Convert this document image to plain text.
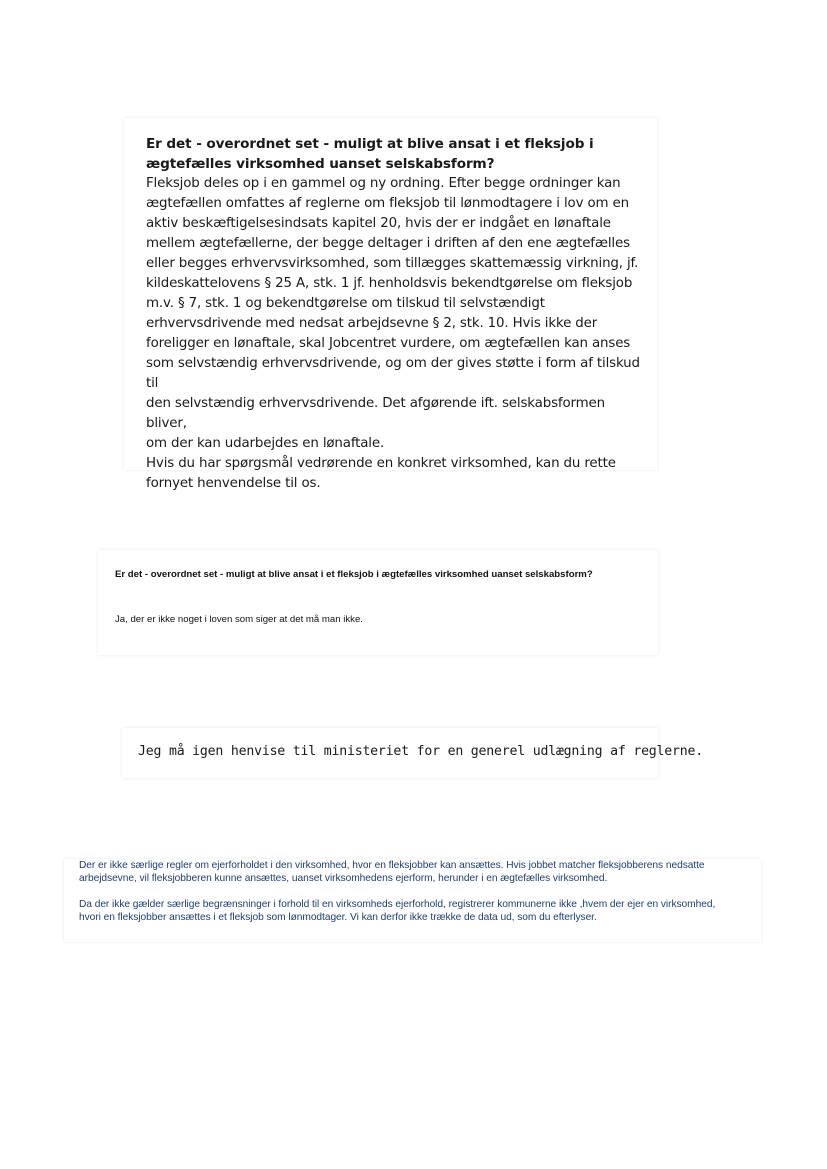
Er det - overordnet set - muligt at blive ansat i et fleksjob i ægtefælles virksomhed uanset selskabsform?

Fleksjob deles op i en gammel og ny ordning. Efter begge ordninger kan

ægtefællen omfattes af reglerne om fleksjob til lønmodtagere i lov om en

aktiv beskæftigelsesindsats kapitel 20, hvis der er indgået en lønaftale

mellem ægtefællerne, der begge deltager i driften af den ene ægtefælles

eller begges erhvervsvirksomhed, som tillægges skattemæssig virkning, jf.

kildeskattelovens § 25 A, stk. 1 jf. henholdsvis bekendtgørelse om fleksjob

m.v. § 7, stk. 1 og bekendtgørelse om tilskud til selvstændigt

erhvervsdrivende med nedsat arbejdsevne § 2, stk. 10. Hvis ikke der

foreligger en lønaftale, skal Jobcentret vurdere, om ægtefællen kan anses

som selvstændig erhvervsdrivende, og om der gives støtte i form af tilskud til

den selvstændig erhvervsdrivende. Det afgørende ift. selskabsformen bliver,

om der kan udarbejdes en lønaftale.

Hvis du har spørgsmål vedrørende en konkret virksomhed, kan du rette

fornyet henvendelse til os.

Er det - overordnet set - muligt at blive ansat i et fleksjob i ægtefælles virksomhed uanset selskabsform?

Ja, der er ikke noget i loven som siger at det må man ikke.

Jeg må igen henvise til ministeriet for en generel udlægning af reglerne.

Der er ikke særlige regler om ejerforholdet i den virksomhed, hvor en fleksjobber kan ansættes. Hvis jobbet matcher fleksjobberens nedsatte
arbejdsevne, vil fleksjobberen kunne ansættes, uanset virksomhedens ejerform, herunder i en ægtefælles virksomhed.
Da der ikke gælder særlige begrænsninger i forhold til en virksomheds ejerforhold, registrerer kommunerne ikke ,hvem der ejer en virksomhed,
hvori en fleksjobber ansættes i et fleksjob som lønmodtager. Vi kan derfor ikke trække de data ud, som du efterlyser.
